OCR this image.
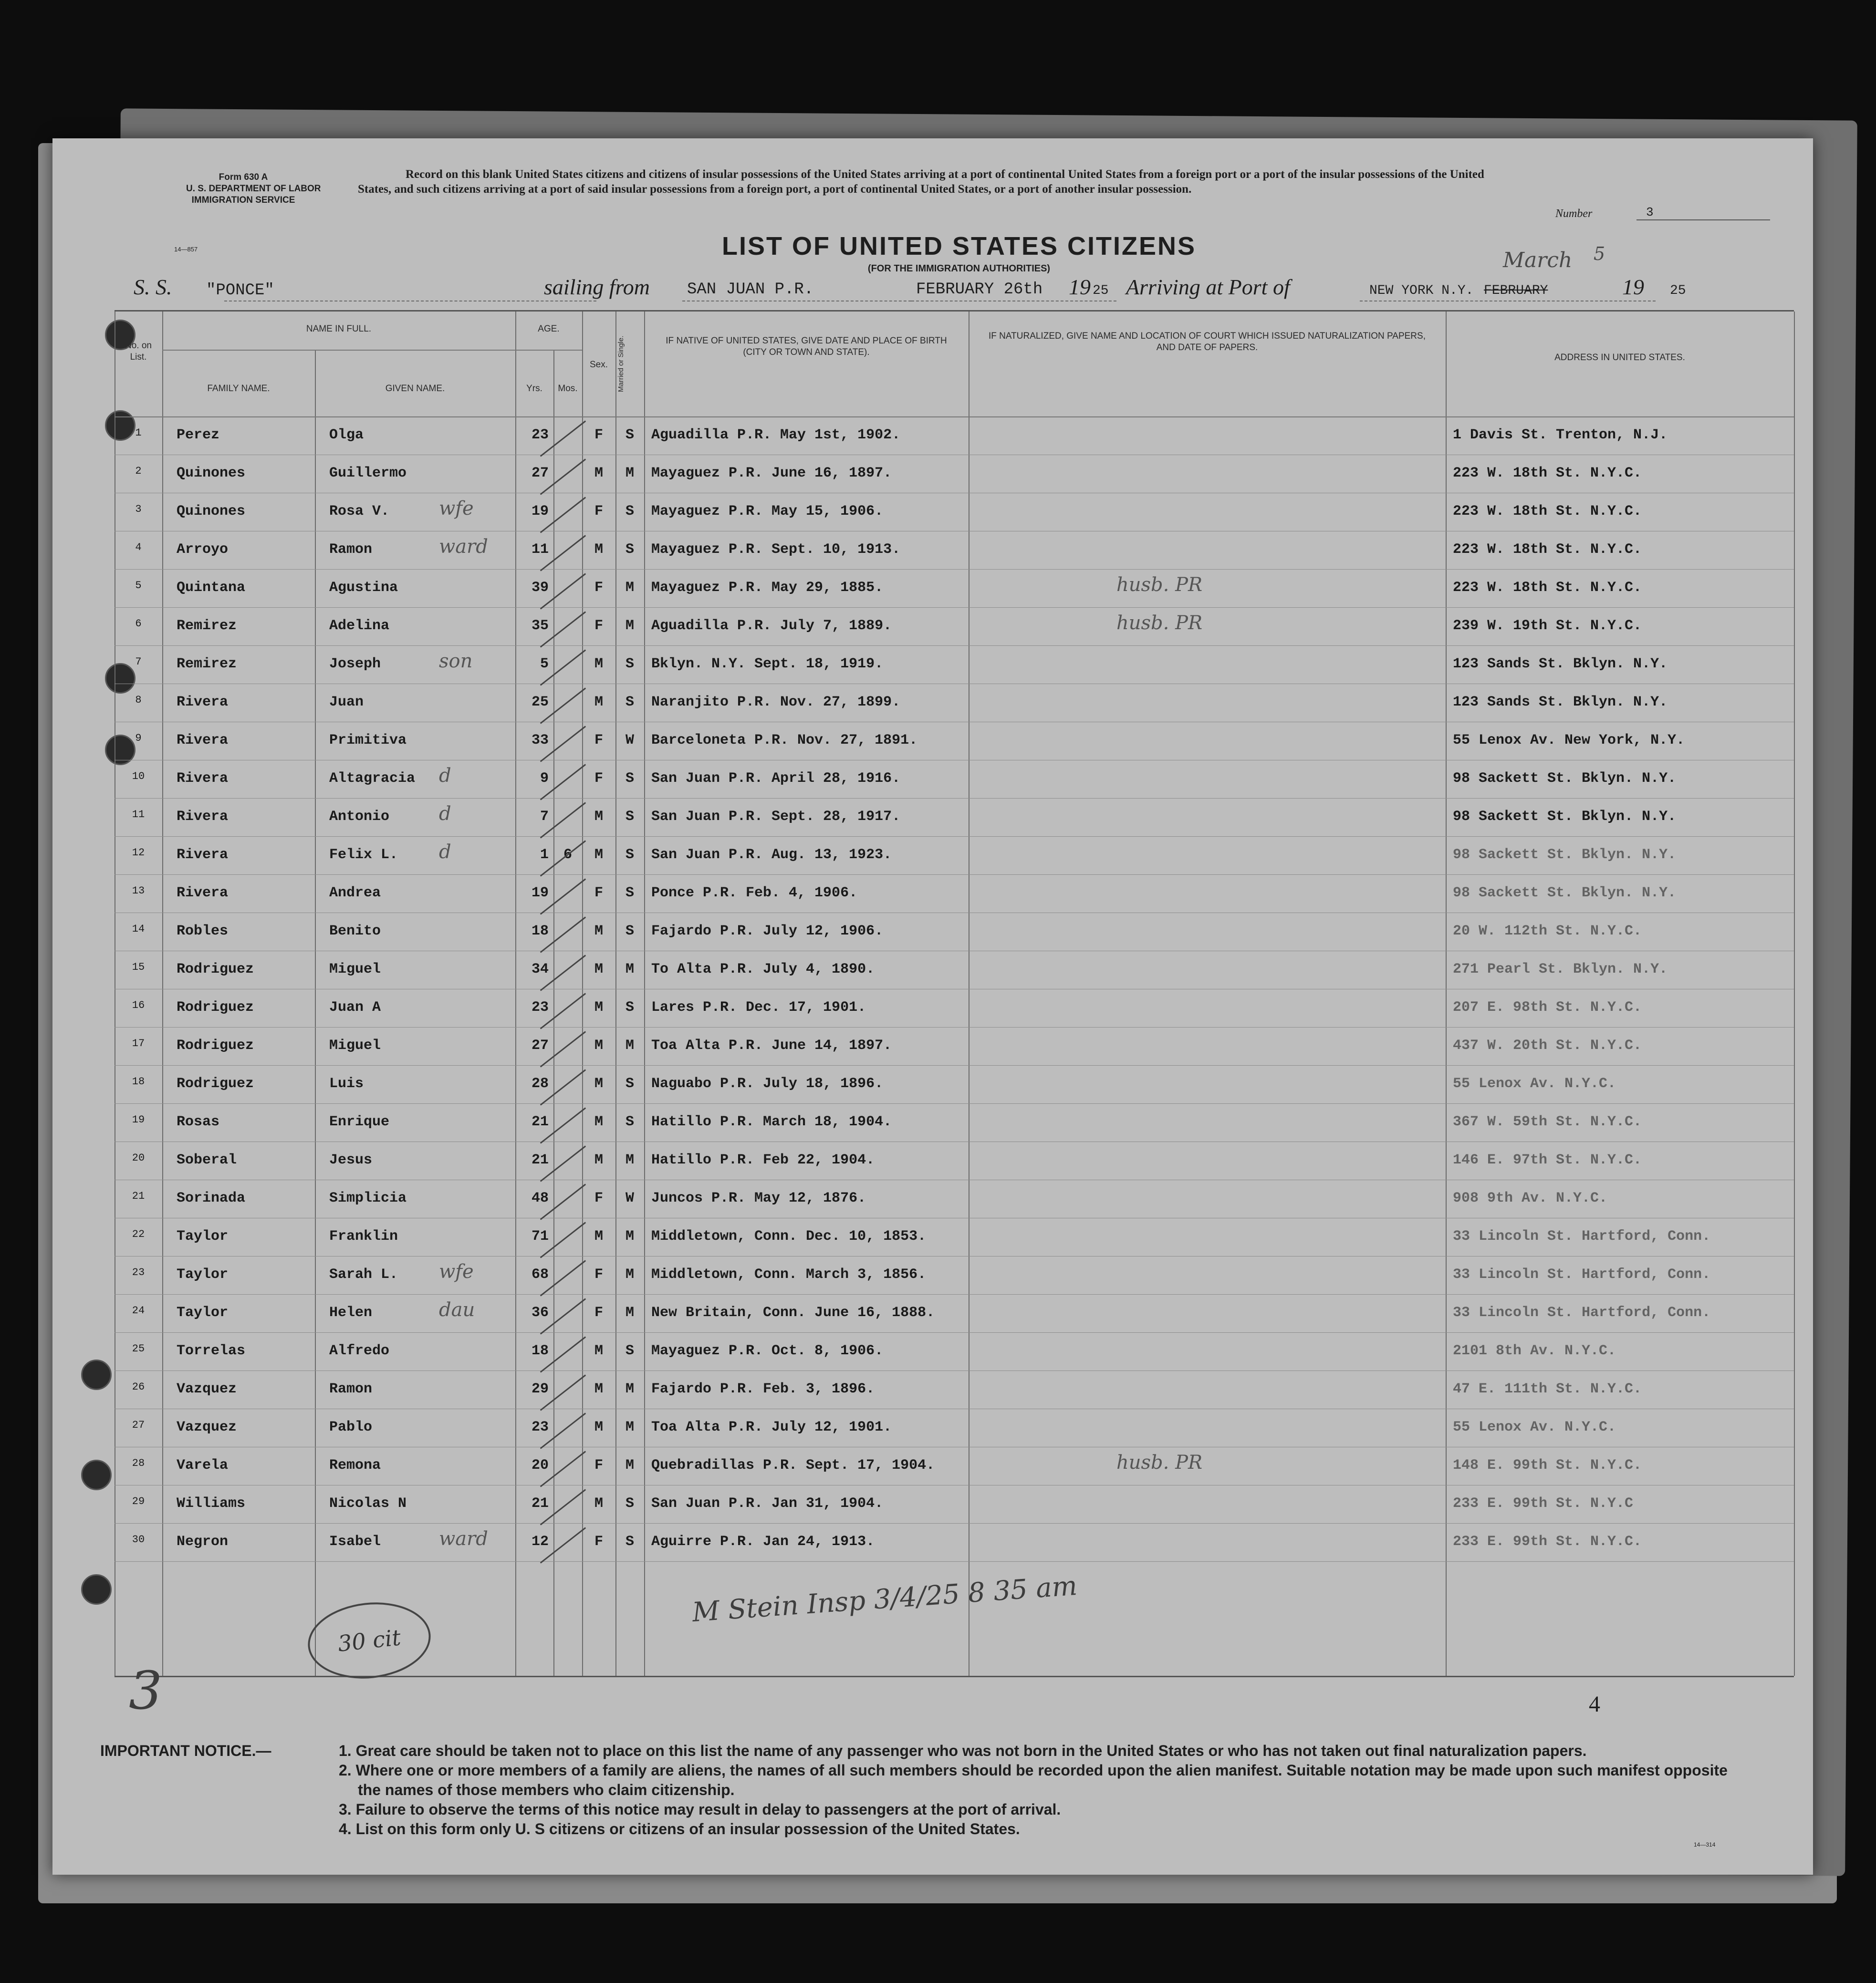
Form 630 A
U. S. DEPARTMENT OF LABOR
IMMIGRATION SERVICE
14—857
Record on this blank United States citizens and citizens of insular possessions of the United States arriving at a port of continental United States from a foreign port or a port of the insular possessions of the United States, and such citizens arriving at a port of said insular possessions from a foreign port, a port of continental United States, or a port of another insular possession.
Number	3
LIST OF UNITED STATES CITIZENS
(FOR THE IMMIGRATION AUTHORITIES)
S. S. "PONCE"	sailing from SAN JUAN P.R.	FEBRUARY 26th 19 25 Arriving at Port of	NEW YORK N.Y. FEBRUARY
March 5
19 25
No. on List.
NAME IN FULL.
FAMILY NAME.	GIVEN NAME.
AGE.
Yrs.	Mos.
Sex.	Married or Single.	IF NATIVE OF UNITED STATES, GIVE DATE AND PLACE OF BIRTH (CITY OR TOWN AND STATE).
IF NATURALIZED, GIVE NAME AND LOCATION OF COURT WHICH ISSUED NATURALIZATION PAPERS, AND DATE OF PAPERS.
ADDRESS IN UNITED STATES.
1	Perez	Olga	23	F	S	Aguadilla P.R. May 1st, 1902.	1 Davis St. Trenton, N.J.
2	Quinones	Guillermo	27	M	M	Mayaguez P.R. June 16, 1897.	223 W. 18th St. N.Y.C.
3	Quinones	Rosa V.	19	F	S	Mayaguez P.R. May 15, 1906.	223 W. 18th St. N.Y.C.
wfe
4	Arroyo	Ramon	11	M	S	Mayaguez P.R. Sept. 10, 1913.	223 W. 18th St. N.Y.C.
ward
5	Quintana	Agustina	39	F	M	Mayaguez P.R. May 29, 1885.	223 W. 18th St. N.Y.C.
husb. PR
6	Remirez	Adelina	35	F	M	Aguadilla P.R. July 7, 1889.	239 W. 19th St. N.Y.C.
husb. PR
7	Remirez	Joseph	5	M	S	Bklyn. N.Y. Sept. 18, 1919.	123 Sands St. Bklyn. N.Y.
son
8	Rivera	Juan	25	M	S	Naranjito P.R. Nov. 27, 1899.	123 Sands St. Bklyn. N.Y.
9	Rivera	Primitiva	33	F	W	Barceloneta P.R. Nov. 27, 1891.	55 Lenox Av. New York, N.Y.
10	Rivera	Altagracia	9	F	S	San Juan P.R. April 28, 1916.	98 Sackett St. Bklyn. N.Y.
d
11	Rivera	Antonio	7	M	S	San Juan P.R. Sept. 28, 1917.	98 Sackett St. Bklyn. N.Y.
d
12	Rivera	Felix L.	1	6	M	S	San Juan P.R. Aug. 13, 1923.	98 Sackett St. Bklyn. N.Y.
d
13	Rivera	Andrea	19	F	S	Ponce P.R. Feb. 4, 1906.	98 Sackett St. Bklyn. N.Y.
14	Robles	Benito	18	M	S	Fajardo P.R. July 12, 1906.	20 W. 112th St. N.Y.C.
15	Rodriguez	Miguel	34	M	M	To Alta P.R. July 4, 1890.	271 Pearl St. Bklyn. N.Y.
16	Rodriguez	Juan A	23	M	S	Lares P.R. Dec. 17, 1901.	207 E. 98th St. N.Y.C.
17	Rodriguez	Miguel	27	M	M	Toa Alta P.R. June 14, 1897.	437 W. 20th St. N.Y.C.
18	Rodriguez	Luis	28	M	S	Naguabo P.R. July 18, 1896.	55 Lenox Av. N.Y.C.
19	Rosas	Enrique	21	M	S	Hatillo P.R. March 18, 1904.	367 W. 59th St. N.Y.C.
20	Soberal	Jesus	21	M	M	Hatillo P.R. Feb 22, 1904.	146 E. 97th St. N.Y.C.
21	Sorinada	Simplicia	48	F	W	Juncos P.R. May 12, 1876.	908 9th Av. N.Y.C.
22	Taylor	Franklin	71	M	M	Middletown, Conn. Dec. 10, 1853.	33 Lincoln St. Hartford, Conn.
23	Taylor	Sarah L.	68	F	M	Middletown, Conn. March 3, 1856.	33 Lincoln St. Hartford, Conn.
wfe
24	Taylor	Helen	36	F	M	New Britain, Conn. June 16, 1888.	33 Lincoln St. Hartford, Conn.
dau
25	Torrelas	Alfredo	18	M	S	Mayaguez P.R. Oct. 8, 1906.	2101 8th Av. N.Y.C.
26	Vazquez	Ramon	29	M	M	Fajardo P.R. Feb. 3, 1896.	47 E. 111th St. N.Y.C.
27	Vazquez	Pablo	23	M	M	Toa Alta P.R. July 12, 1901.	55 Lenox Av. N.Y.C.
28	Varela	Remona	20	F	M	Quebradillas P.R. Sept. 17, 1904.	148 E. 99th St. N.Y.C.
husb. PR
29	Williams	Nicolas N	21	M	S	San Juan P.R. Jan 31, 1904.	233 E. 99th St. N.Y.C
30	Negron	Isabel	12	F	S	Aguirre P.R. Jan 24, 1913.	233 E. 99th St. N.Y.C.
ward
30 cit
M Stein Insp 3/4/25 8 35 am
3	4
IMPORTANT NOTICE.—	1. Great care should be taken not to place on this list the name of any passenger who was not born in the United States or who has not taken out final naturalization papers.
2. Where one or more members of a family are aliens, the names of all such members should be recorded upon the alien manifest. Suitable notation may be made upon such manifest opposite the names of those members who claim citizenship.
3. Failure to observe the terms of this notice may result in delay to passengers at the port of arrival.
4. List on this form only U. S citizens or citizens of an insular possession of the United States.
14—314
